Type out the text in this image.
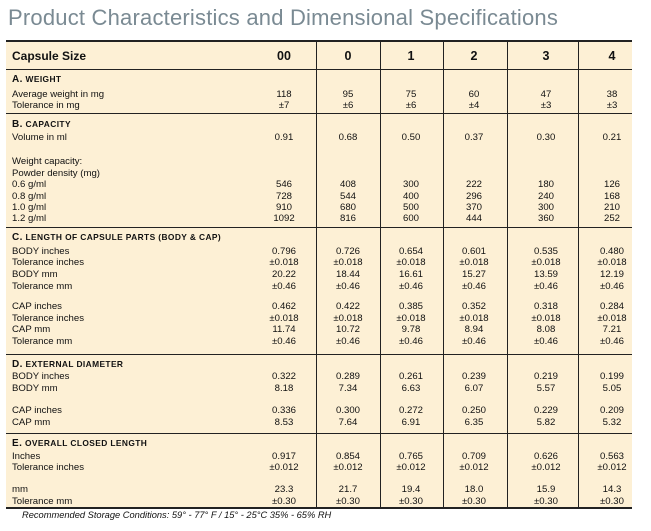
Product Characteristics and Dimensional Specifications
Capsule Size	00	0	1	2	3	4
A. WEIGHT
Average weight in mg	118	95	75	60	47	38
Tolerance in mg	±7	±6	±6	±4	±3	±3
B. CAPACITY
Volume in ml	0.91	0.68	0.50	0.37	0.30	0.21
Weight capacity:
Powder density (mg)
0.6 g/ml	546	408	300	222	180	126
0.8 g/ml	728	544	400	296	240	168
1.0 g/ml	910	680	500	370	300	210
1.2 g/ml	1092	816	600	444	360	252
C. LENGTH OF CAPSULE PARTS (BODY & CAP)
BODY inches	0.796	0.726	0.654	0.601	0.535	0.480
Tolerance inches	±0.018	±0.018	±0.018	±0.018	±0.018	±0.018
BODY mm	20.22	18.44	16.61	15.27	13.59	12.19
Tolerance mm	±0.46	±0.46	±0.46	±0.46	±0.46	±0.46
CAP inches	0.462	0.422	0.385	0.352	0.318	0.284
Tolerance inches	±0.018	±0.018	±0.018	±0.018	±0.018	±0.018
CAP mm	11.74	10.72	9.78	8.94	8.08	7.21
Tolerance mm	±0.46	±0.46	±0.46	±0.46	±0.46	±0.46
D. EXTERNAL DIAMETER
BODY inches	0.322	0.289	0.261	0.239	0.219	0.199
BODY mm	8.18	7.34	6.63	6.07	5.57	5.05
CAP inches	0.336	0.300	0.272	0.250	0.229	0.209
CAP mm	8.53	7.64	6.91	6.35	5.82	5.32
E. OVERALL CLOSED LENGTH
Inches	0.917	0.854	0.765	0.709	0.626	0.563
Tolerance inches	±0.012	±0.012	±0.012	±0.012	±0.012	±0.012
mm	23.3	21.7	19.4	18.0	15.9	14.3
Tolerance mm	±0.30	±0.30	±0.30	±0.30	±0.30	±0.30
Recommended Storage Conditions: 59° - 77° F / 15° - 25°C 35% - 65% RH
